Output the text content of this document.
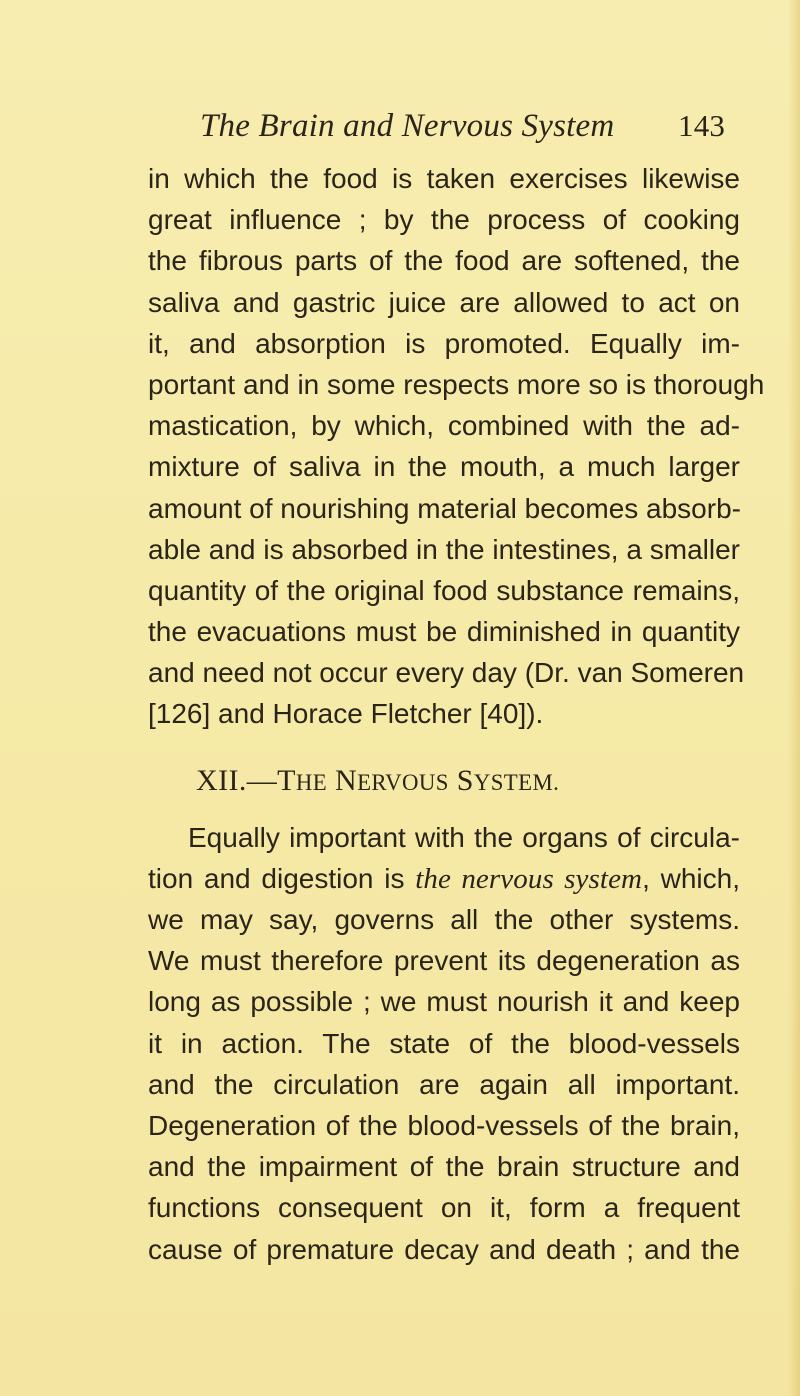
The Brain and Nervous System 143
in which the food is taken exercises likewise
great influence ; by the process of cooking
the fibrous parts of the food are softened, the
saliva and gastric juice are allowed to act on
it, and absorption is promoted. Equally im-
portant and in some respects more so is thorough
mastication, by which, combined with the ad-
mixture of saliva in the mouth, a much larger
amount of nourishing material becomes absorb-
able and is absorbed in the intestines, a smaller
quantity of the original food substance remains,
the evacuations must be diminished in quantity
and need not occur every day (Dr. van Someren
[126] and Horace Fletcher [40]).
XII.—THE NERVOUS SYSTEM.
Equally important with the organs of circula-
tion and digestion is the nervous system, which,
we may say, governs all the other systems.
We must therefore prevent its degeneration as
long as possible ; we must nourish it and keep
it in action. The state of the blood-vessels
and the circulation are again all important.
Degeneration of the blood-vessels of the brain,
and the impairment of the brain structure and
functions consequent on it, form a frequent
cause of premature decay and death ; and the
